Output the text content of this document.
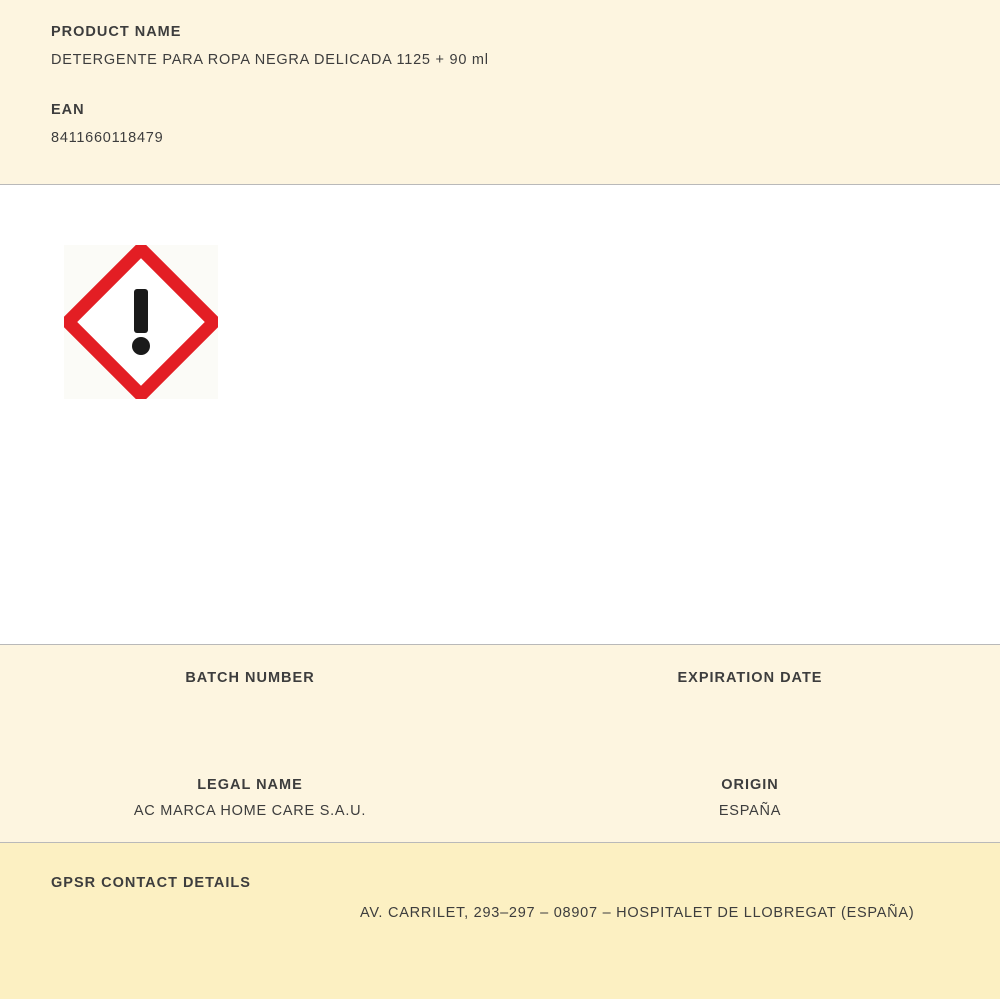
PRODUCT NAME

DETERGENTE PARA ROPA NEGRA DELICADA 1125 + 90 ml

EAN

8411660118479

BATCH NUMBER	EXPIRATION DATE

LEGAL NAME

AC MARCA HOME CARE S.A.U.

ORIGIN

ESPAÑA

GPSR CONTACT DETAILS

AV. CARRILET, 293–297 – 08907 – HOSPITALET DE LLOBREGAT (ESPAÑA)
